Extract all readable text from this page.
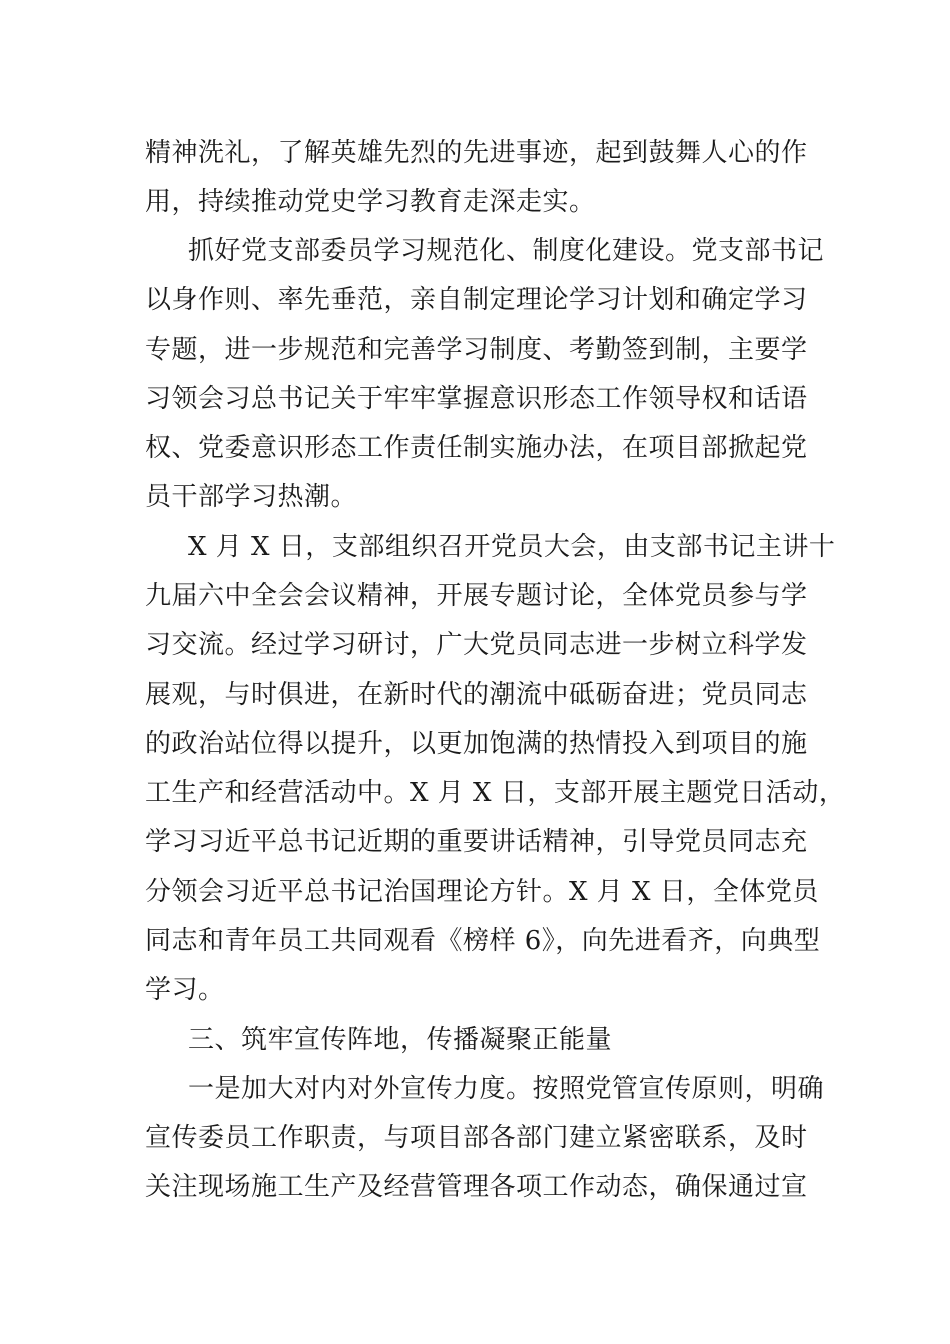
精神洗礼，了解英雄先烈的先进事迹，起到鼓舞人心的作
用，持续推动党史学习教育走深走实。
抓好党支部委员学习规范化、制度化建设。党支部书记
以身作则、率先垂范，亲自制定理论学习计划和确定学习
专题，进一步规范和完善学习制度、考勤签到制，主要学
习领会习总书记关于牢牢掌握意识形态工作领导权和话语
权、党委意识形态工作责任制实施办法，在项目部掀起党
员干部学习热潮。
X 月 X 日，支部组织召开党员大会，由支部书记主讲十
九届六中全会会议精神，开展专题讨论，全体党员参与学
习交流。经过学习研讨，广大党员同志进一步树立科学发
展观，与时俱进，在新时代的潮流中砥砺奋进；党员同志
的政治站位得以提升，以更加饱满的热情投入到项目的施
工生产和经营活动中。X 月 X 日，支部开展主题党日活动，
学习习近平总书记近期的重要讲话精神，引导党员同志充
分领会习近平总书记治国理论方针。X 月 X 日，全体党员
同志和青年员工共同观看《榜样 6》，向先进看齐，向典型
学习。
三、筑牢宣传阵地，传播凝聚正能量
一是加大对内对外宣传力度。按照党管宣传原则，明确
宣传委员工作职责，与项目部各部门建立紧密联系，及时
关注现场施工生产及经营管理各项工作动态，确保通过宣
